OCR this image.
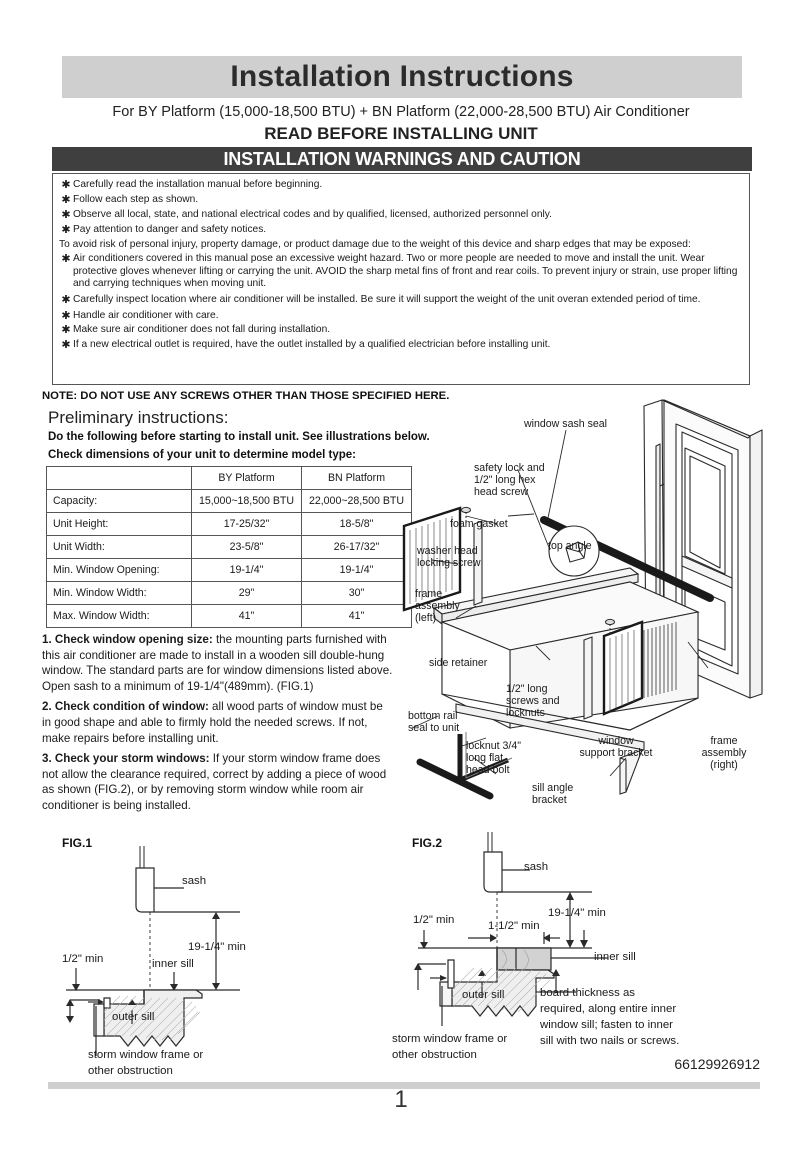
Installation Instructions
For BY Platform (15,000-18,500 BTU) + BN Platform (22,000-28,500 BTU) Air Conditioner
READ BEFORE INSTALLING UNIT
INSTALLATION WARNINGS AND CAUTION
✱ Carefully read the installation manual before beginning.
✱ Follow each step as shown.
✱ Observe all local, state, and national electrical codes and by qualified, licensed, authorized personnel only.
✱ Pay attention to danger and safety notices.
To avoid risk of personal injury, property damage, or product damage due to the weight of this device and sharp edges that may be exposed:
✱ Air conditioners covered in this manual pose an excessive weight hazard. Two or more people are needed to move and install the unit. Wear protective gloves whenever lifting or carrying the unit. AVOID the sharp metal fins of front and rear coils. To prevent injury or strain, use proper lifting and carrying techniques when moving unit.
✱ Carefully inspect location where air conditioner will be installed. Be sure it will support the weight of the unit overan extended period of time.
✱ Handle air conditioner with care.
✱ Make sure air conditioner does not fall during installation.
✱ If a new electrical outlet is required, have the outlet installed by a qualified electrician before installing unit.
NOTE: DO NOT USE ANY SCREWS OTHER THAN THOSE SPECIFIED HERE.
Preliminary instructions:
Do the following before starting to install unit. See illustrations below.
Check dimensions of your unit to determine model type:
	BY Platform	BN Platform
Capacity:	15,000~18,500 BTU	22,000~28,500 BTU
Unit Height:	17-25/32"	18-5/8"
Unit Width:	23-5/8"	26-17/32"
Min. Window Opening:	19-1/4"	19-1/4"
Min. Window Width:	29"	30"
Max. Window Width:	41"	41"
1. Check window opening size: the mounting parts furnished with this air conditioner are made to install in a wooden sill double-hung window. The standard parts are for window dimensions listed above. Open sash to a minimum of 19-1/4"(489mm). (FIG.1)
2. Check condition of window: all wood parts of window must be in good shape and able to firmly hold the needed screws. If not, make repairs before installing unit.
3. Check your storm windows: If your storm window frame does not allow the clearance required, correct by adding a piece of wood as shown (FIG.2), or by removing storm window while room air conditioner is being installed.
window sash seal
safety lock and
1/2" long hex
head screw
foam gasket
top angle
washer head
locking screw
frame
assembly
(left)
side retainer
1/2" long
screws and
locknuts
bottom rail
seal to unit
locknut 3/4"
long flat
head bolt
sill angle
bracket
window
support bracket
frame
assembly
(right)
FIG.1
sash
19-1/4" min
1/2" min	inner sill
outer sill
storm window frame or
other obstruction
FIG.2
sash
19-1/4" min
1/2" min	1-1/2" min
inner sill
outer sill
storm window frame or
other obstruction
board thickness as
required, along entire inner
window sill; fasten to inner
sill with two nails or screws.
66129926912
1
